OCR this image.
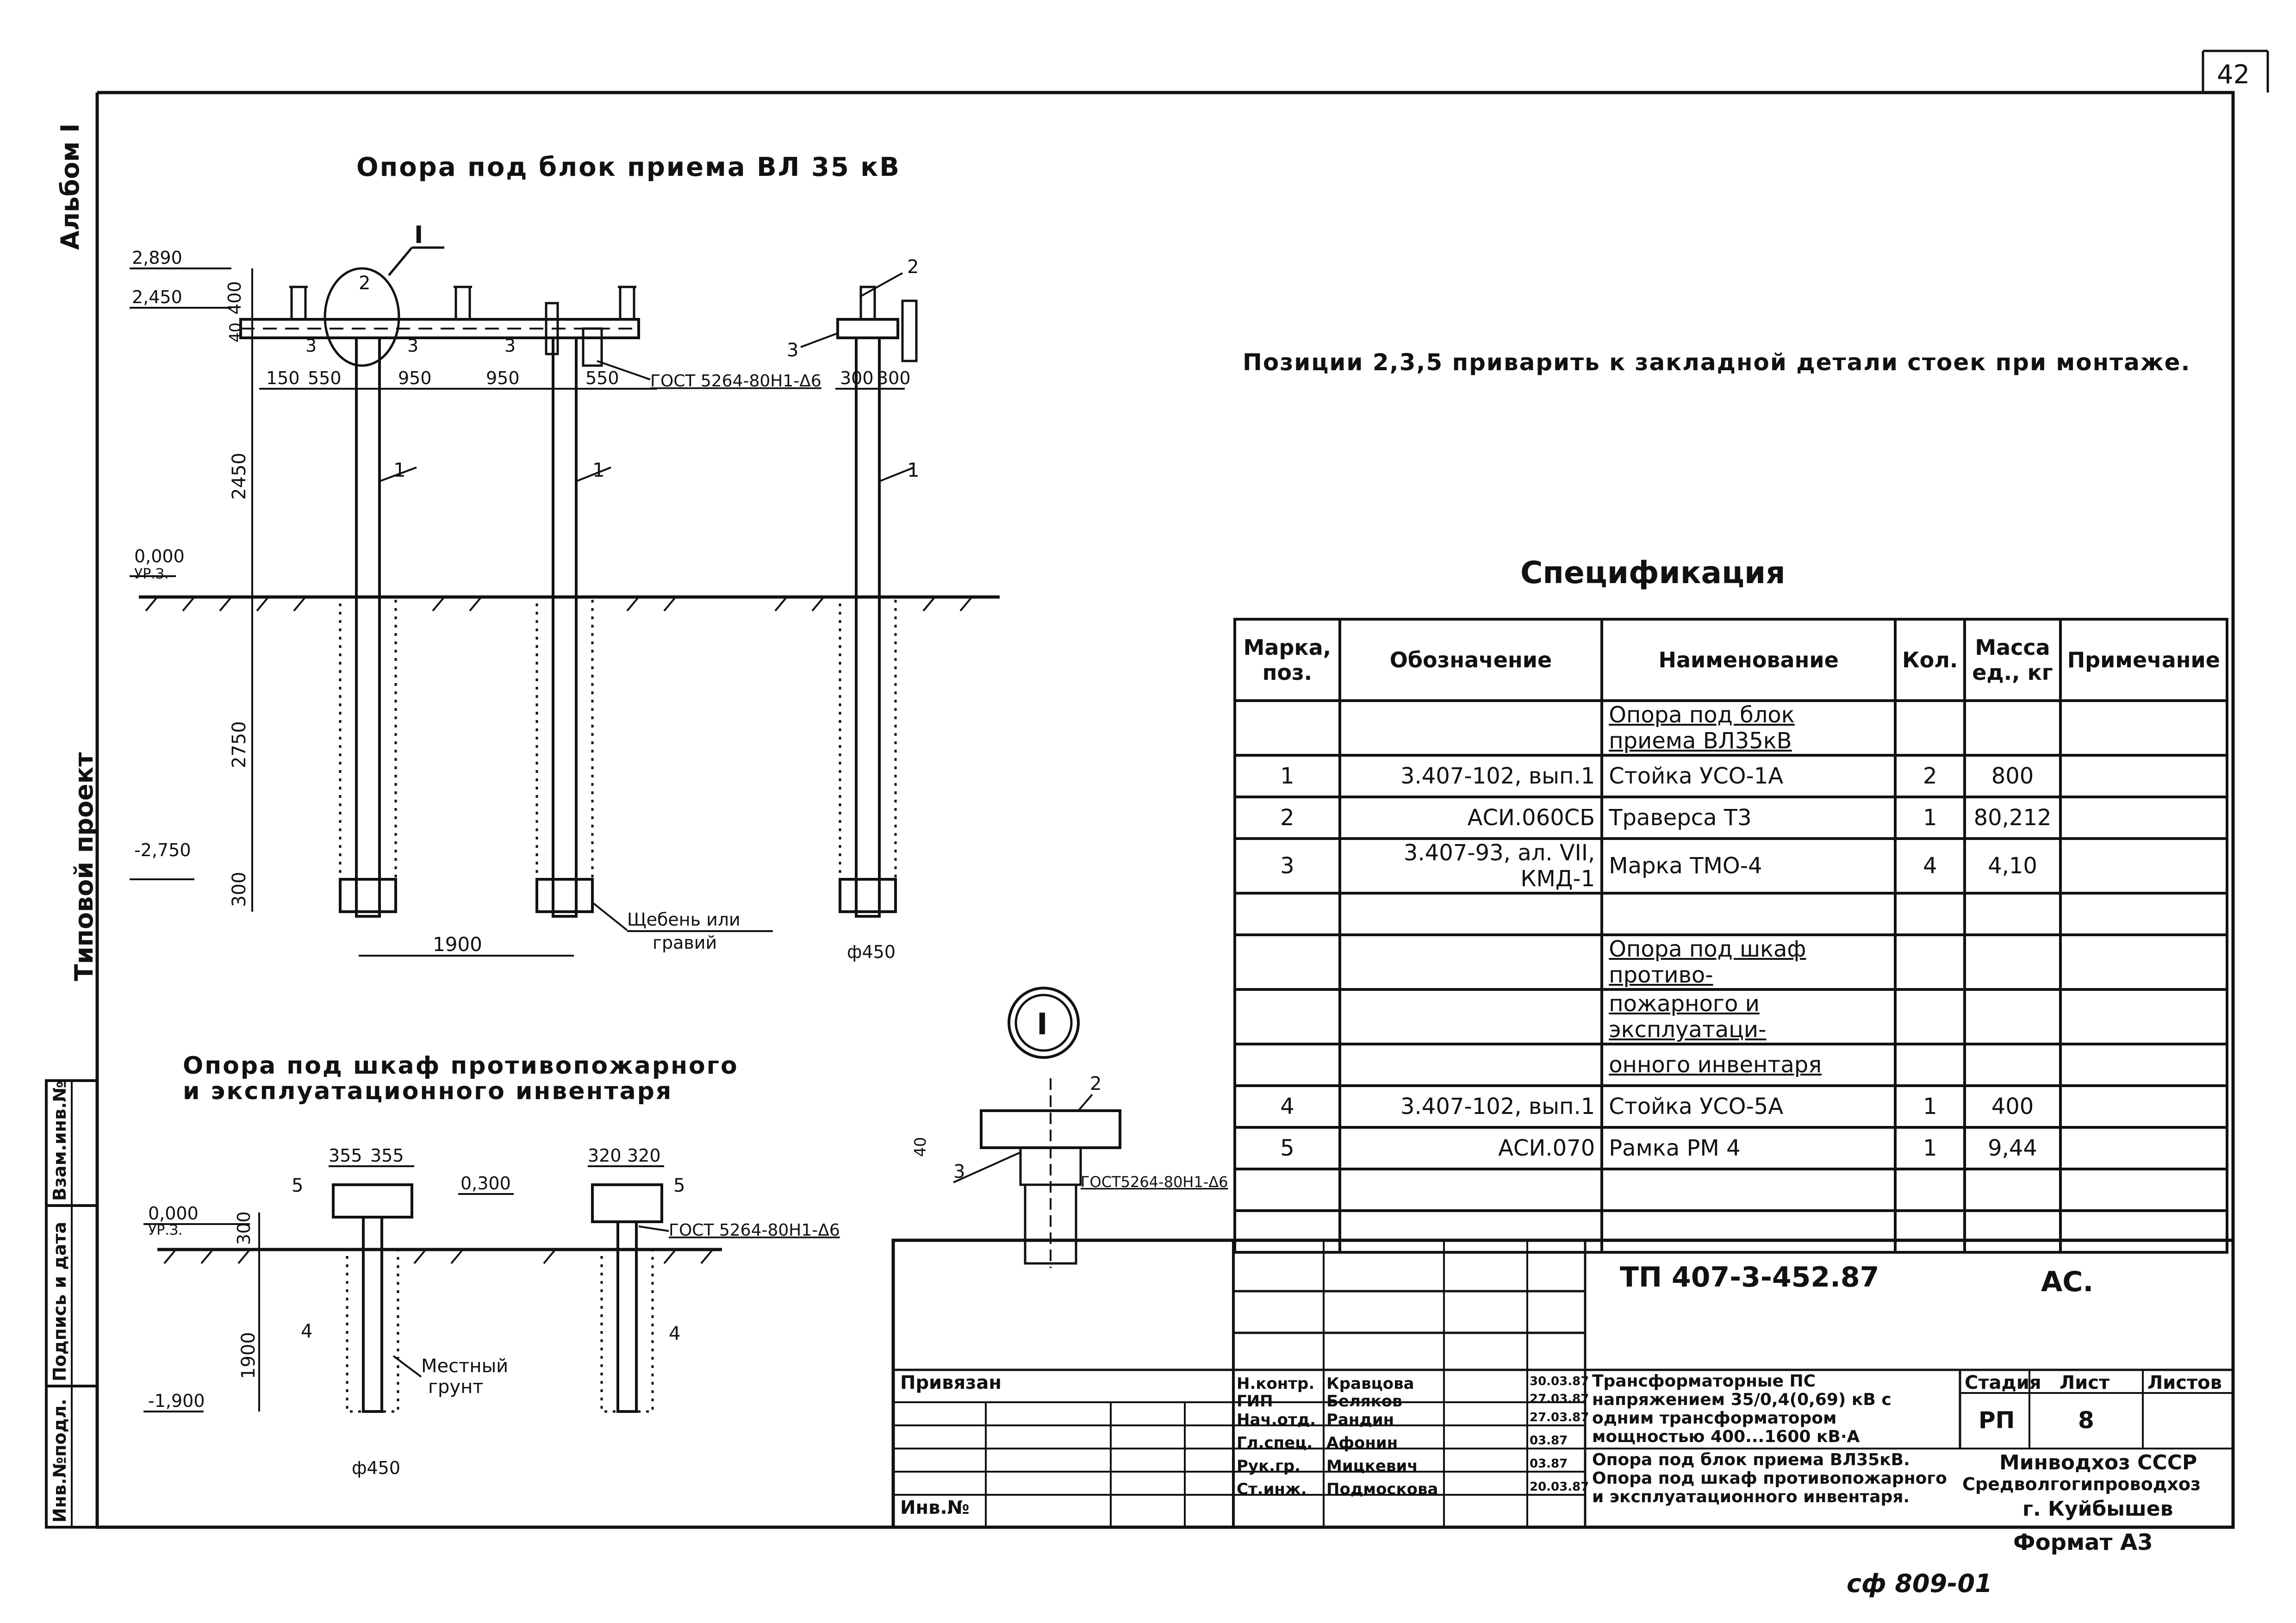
42
Альбом I
Типовой проект
Взам.инв.№
Подпись и дата
Инв.№подл.
Опора под блок приема ВЛ 35 кВ
I
2
2,890
2,450
0,000
УР.З.
-2,750
400
40
2450
2750
300
150 550	950	950	550	300 300
1900
3	3	3
1	1	1
2
3
ГОСТ 5264-80Н1-Δ6
Щебень или
гравий	ф450
Опора под шкаф противопожарного
и эксплуатационного инвентаря
355 355	320 320
0,000
УР.З.
0,300
-1,900
300
1900
5	5
4	4
ГОСТ 5264-80Н1-Δ6
Местный
грунт
ф450
I
2
3
40
ГОСТ5264-80Н1-Δ6
Позиции 2,3,5 приварить к закладной детали стоек при монтаже.
Спецификация
ТП 407-3-452.87	АС.
сф 809-01
Марка, поз.	Обозначение	Наименование	Кол.	Масса ед., кг	Примечание
		Опора под блок приема ВЛ35кВ			
1	3.407-102, вып.1	Стойка УСО-1А	2	800	
2	АСИ.060СБ	Траверса Т3	1	80,212	
3	3.407-93, ал. VII, КМД-1	Марка ТМО-4	4	4,10	

		Опора под шкаф противо-			
		пожарного и эксплуатаци-			
		онного инвентаря			
4	3.407-102, вып.1	Стойка УСО-5А	1	400	
5	АСИ.070	Рамка РМ 4	1	9,44	

Привязан
Инв.№
Н.контр. Кравцова	30.03.87
ГИП	Беляков	27.03.87
Нач.отд. Рандин	27.03.87
Гл.спец. Афонин	03.87
Рук.гр. Мицкевич	03.87
Ст.инж. Подмоскова	20.03.87
Трансформаторные ПС напряжением 35/0,4(0,69) кВ с одним трансформатором мощностью 400...1600 кВ·А
Опора под блок приема ВЛ35кВ. Опора под шкаф противопожарного и эксплуатационного инвентаря.
Стадия Лист Листов
РП	8
Минводхоз СССР
Средволгогипроводхоз
г. Куйбышев
Формат А3
